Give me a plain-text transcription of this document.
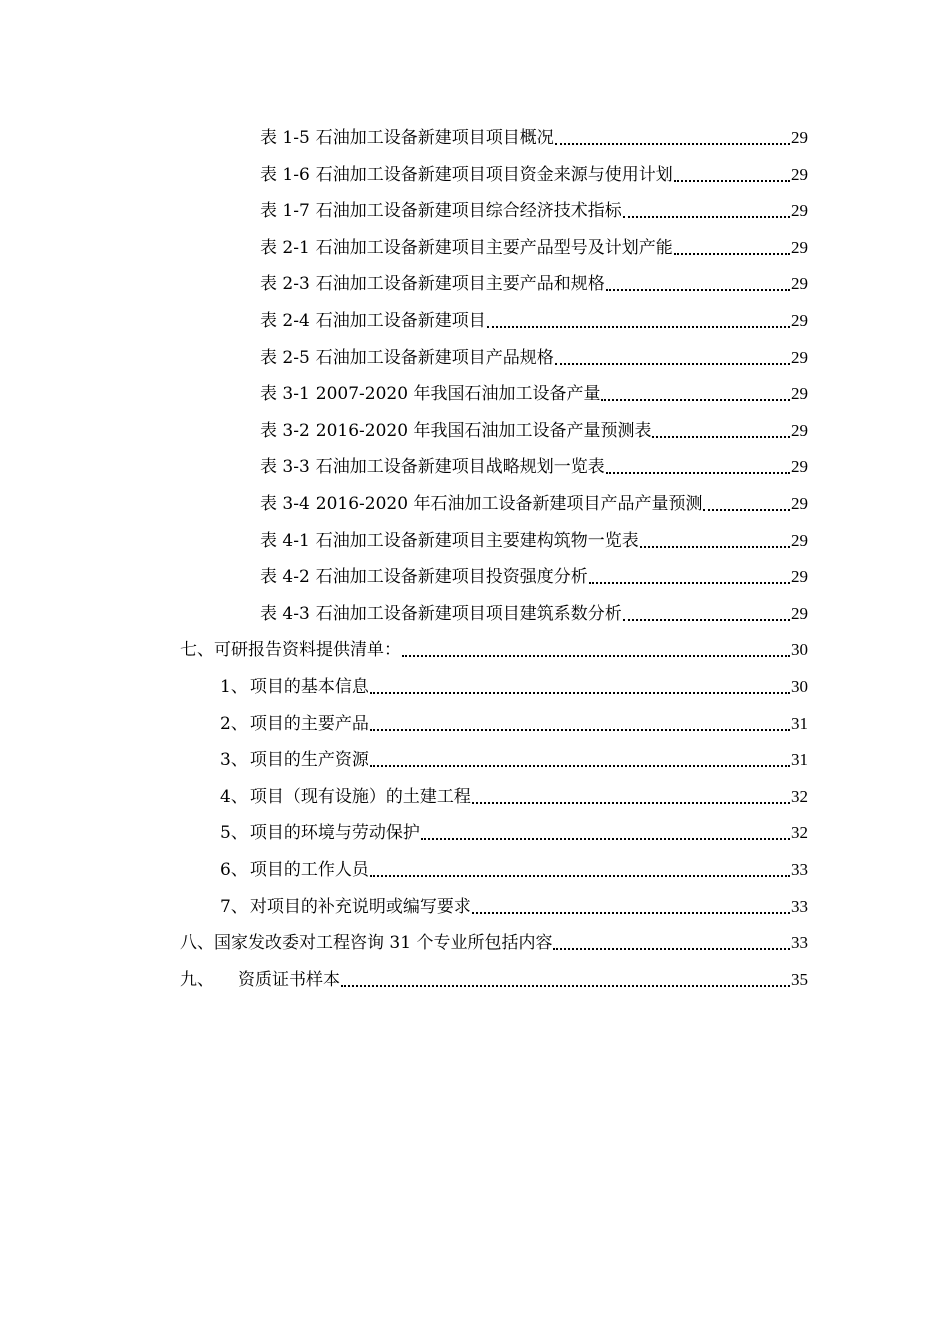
表 1-5 石油加工设备新建项目项目概况	29
表 1-6 石油加工设备新建项目项目资金来源与使用计划	29
表 1-7 石油加工设备新建项目综合经济技术指标	29
表 2-1 石油加工设备新建项目主要产品型号及计划产能	29
表 2-3 石油加工设备新建项目主要产品和规格	29
表 2-4 石油加工设备新建项目	29
表 2-5 石油加工设备新建项目产品规格	29
表 3-1 2007-2020 年我国石油加工设备产量	29
表 3-2 2016-2020 年我国石油加工设备产量预测表	29
表 3-3 石油加工设备新建项目战略规划一览表	29
表 3-4 2016-2020 年石油加工设备新建项目产品产量预测	29
表 4-1 石油加工设备新建项目主要建构筑物一览表	29
表 4-2 石油加工设备新建项目投资强度分析	29
表 4-3 石油加工设备新建项目项目建筑系数分析	29
七、可研报告资料提供清单：	30
1、 项目的基本信息	30
2、 项目的主要产品	31
3、 项目的生产资源	31
4、 项目（现有设施）的土建工程	32
5、 项目的环境与劳动保护	32
6、 项目的工作人员	33
7、 对项目的补充说明或编写要求	33
八、国家发改委对工程咨询 31 个专业所包括内容	33
九、 资质证书样本	35
